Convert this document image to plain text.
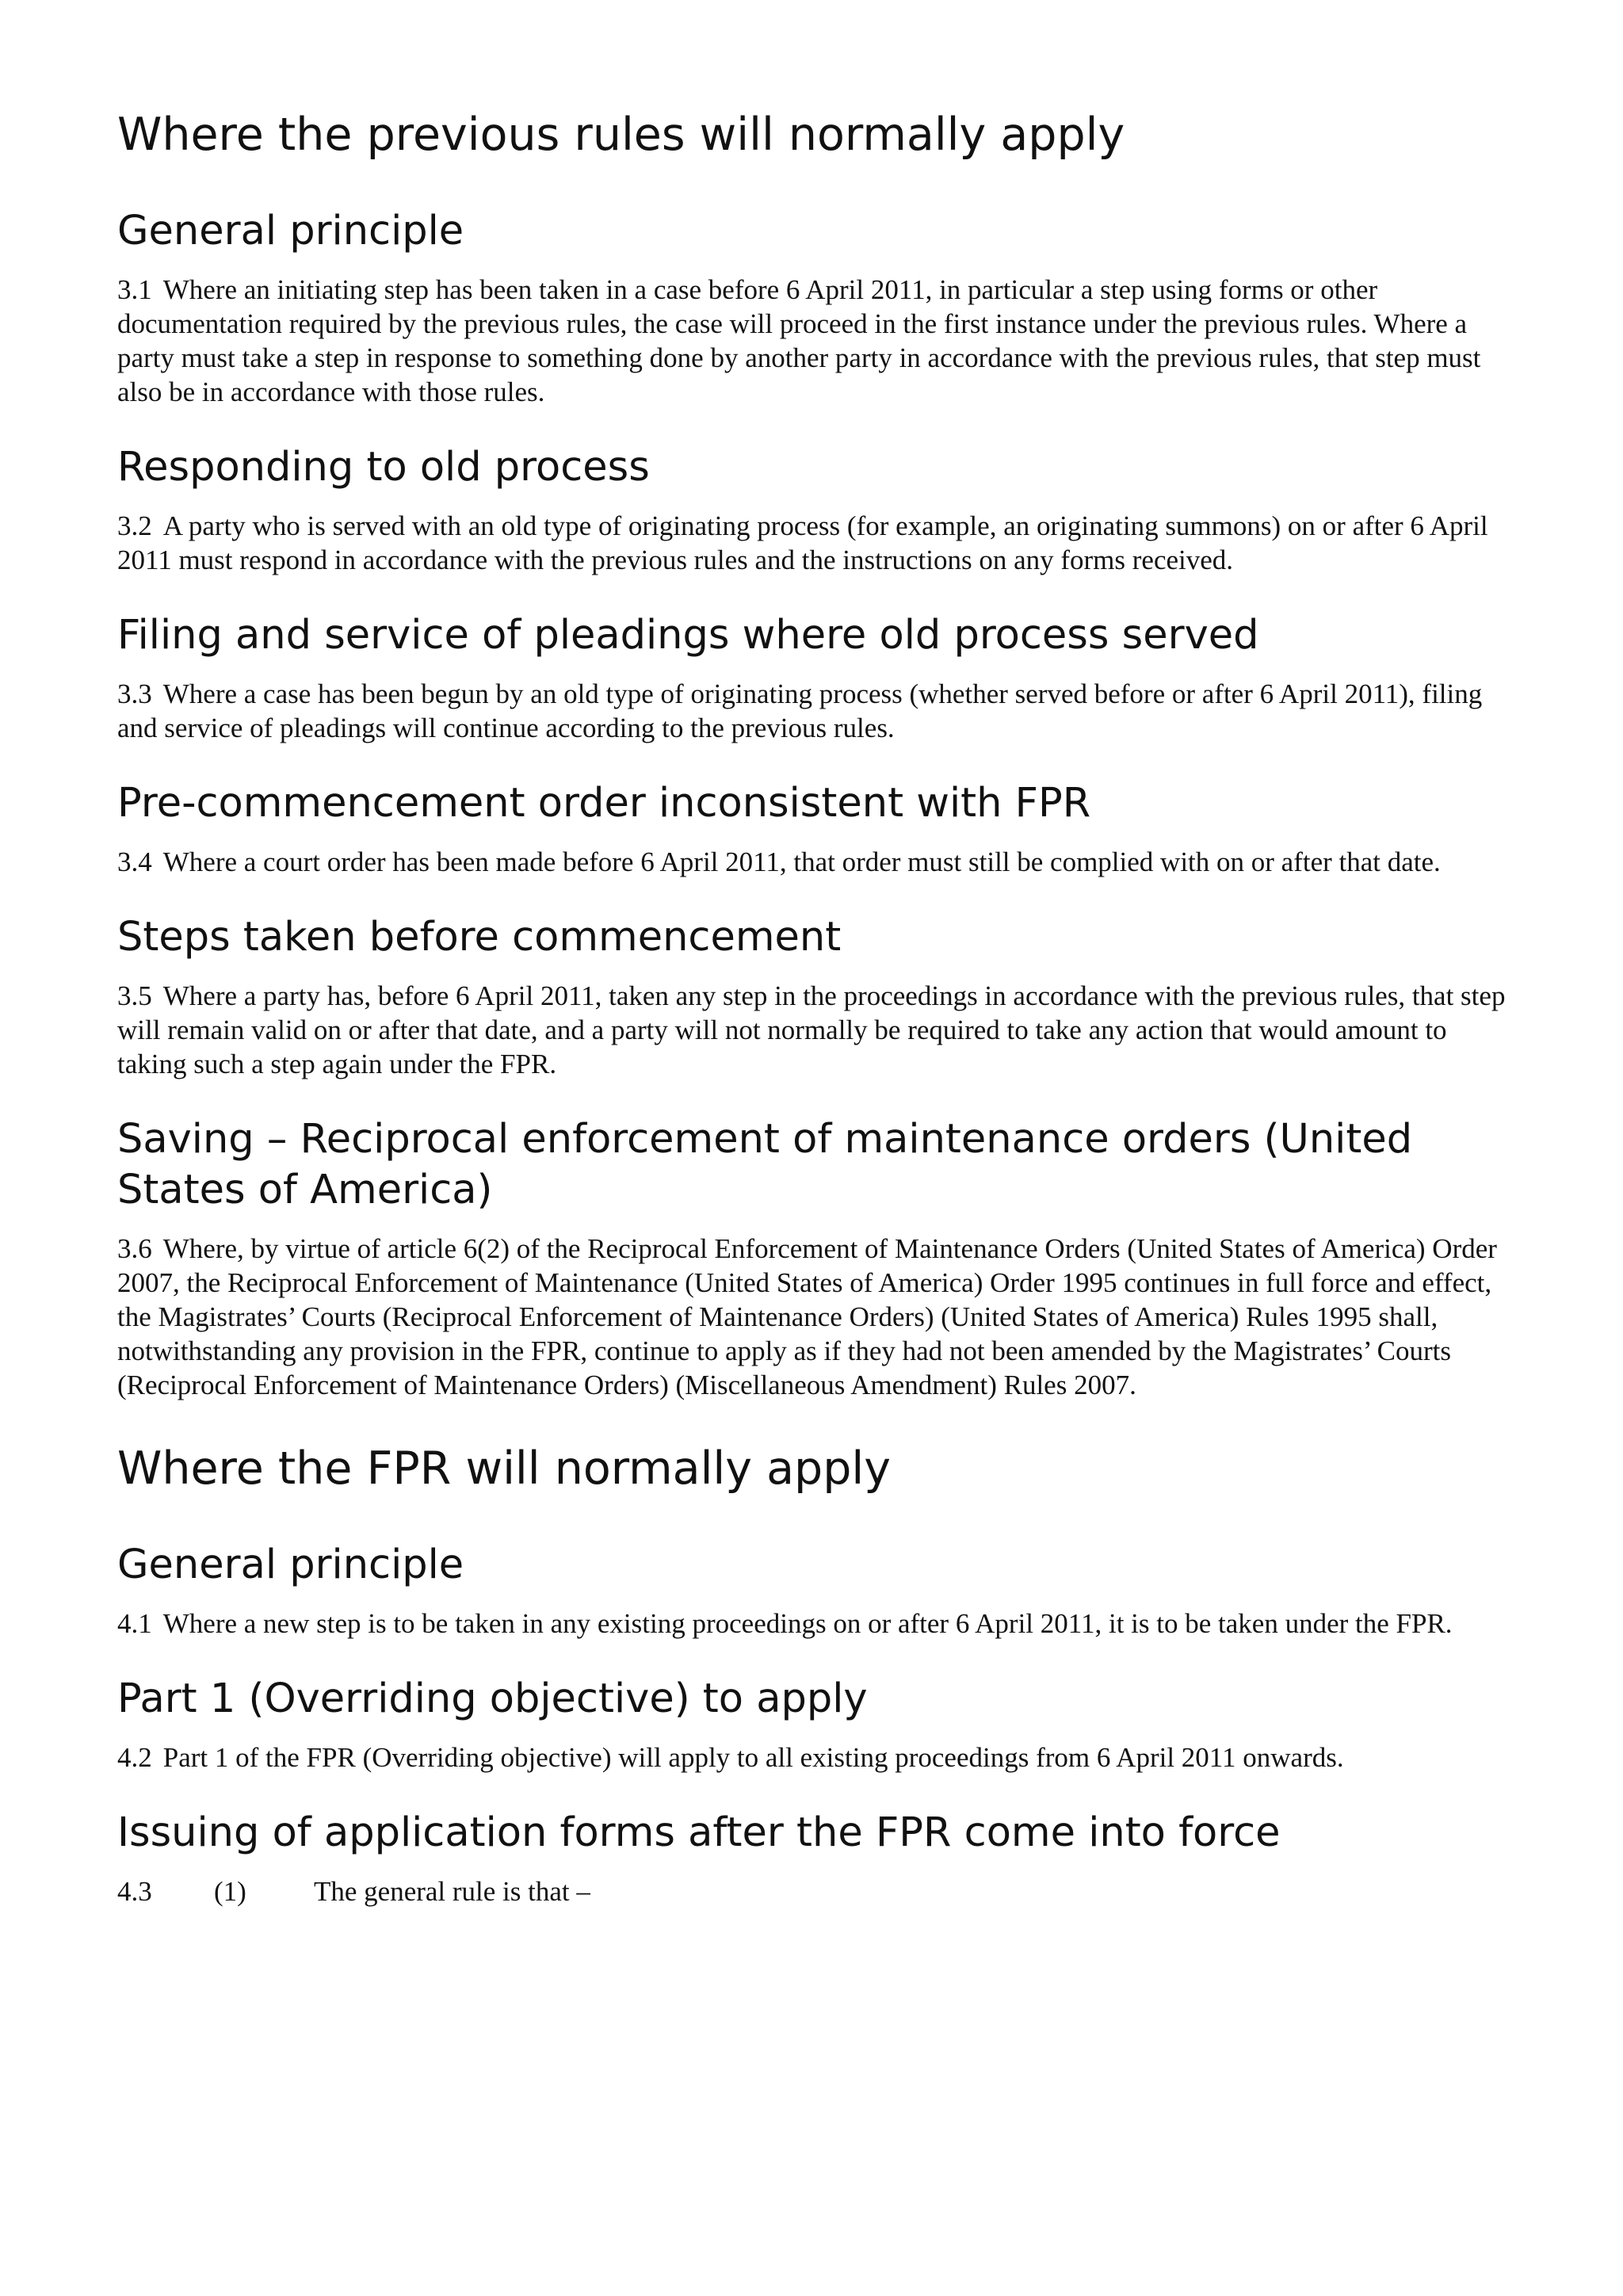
Where the previous rules will normally apply
General principle

3.1 Where an initiating step has been taken in a case before 6 April 2011, in particular a step using forms or other documentation required by the previous rules, the case will proceed in the first instance under the previous rules. Where a party must take a step in response to something done by another party in accordance with the previous rules, that step must also be in accordance with those rules.

Responding to old process

3.2 A party who is served with an old type of originating process (for example, an originating summons) on or after 6 April 2011 must respond in accordance with the previous rules and the instructions on any forms received.

Filing and service of pleadings where old process served

3.3 Where a case has been begun by an old type of originating process (whether served before or after 6 April 2011), filing and service of pleadings will continue according to the previous rules.

Pre-commencement order inconsistent with FPR

3.4 Where a court order has been made before 6 April 2011, that order must still be complied with on or after that date.

Steps taken before commencement

3.5 Where a party has, before 6 April 2011, taken any step in the proceedings in accordance with the previous rules, that step will remain valid on or after that date, and a party will not normally be required to take any action that would amount to taking such a step again under the FPR.

Saving – Reciprocal enforcement of maintenance orders (United States of America)

3.6 Where, by virtue of article 6(2) of the Reciprocal Enforcement of Maintenance Orders (United States of America) Order 2007, the Reciprocal Enforcement of Maintenance (United States of America) Order 1995 continues in full force and effect, the Magistrates’ Courts (Reciprocal Enforcement of Maintenance Orders) (United States of America) Rules 1995 shall, notwithstanding any provision in the FPR, continue to apply as if they had not been amended by the Magistrates’ Courts (Reciprocal Enforcement of Maintenance Orders) (Miscellaneous Amendment) Rules 2007.

Where the FPR will normally apply
General principle

4.1 Where a new step is to be taken in any existing proceedings on or after 6 April 2011, it is to be taken under the FPR.

Part 1 (Overriding objective) to apply

4.2 Part 1 of the FPR (Overriding objective) will apply to all existing proceedings from 6 April 2011 onwards.

Issuing of application forms after the FPR come into force
4.3	(1)	The general rule is that –
